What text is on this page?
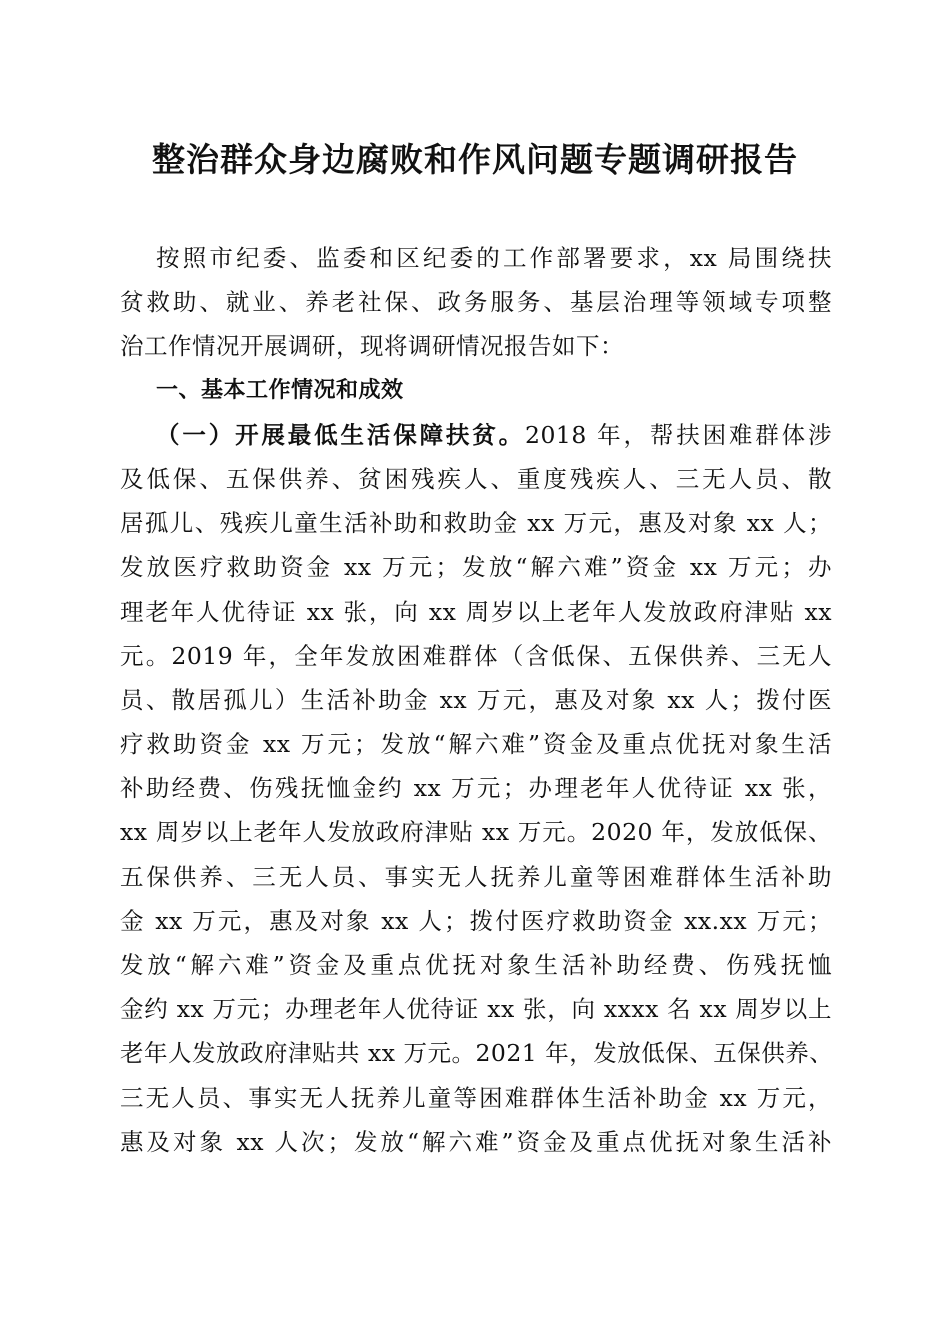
整治群众身边腐败和作风问题专题调研报告
按照市纪委、监委和区纪委的工作部署要求，xx 局围绕扶
贫救助、就业、养老社保、政务服务、基层治理等领域专项整
治工作情况开展调研，现将调研情况报告如下：
一、基本工作情况和成效
（一）开展最低生活保障扶贫。2018 年，帮扶困难群体涉
及低保、五保供养、贫困残疾人、重度残疾人、三无人员、散
居孤儿、残疾儿童生活补助和救助金 xx 万元，惠及对象 xx 人；
发放医疗救助资金 xx 万元；发放“解六难”资金 xx 万元；办
理老年人优待证 xx 张，向 xx 周岁以上老年人发放政府津贴 xx
元。2019 年，全年发放困难群体（含低保、五保供养、三无人
员、散居孤儿）生活补助金 xx 万元，惠及对象 xx 人；拨付医
疗救助资金 xx 万元；发放“解六难”资金及重点优抚对象生活
补助经费、伤残抚恤金约 xx 万元；办理老年人优待证 xx 张，
xx 周岁以上老年人发放政府津贴 xx 万元。2020 年，发放低保、
五保供养、三无人员、事实无人抚养儿童等困难群体生活补助
金 xx 万元，惠及对象 xx 人；拨付医疗救助资金 xx.xx 万元；
发放“解六难”资金及重点优抚对象生活补助经费、伤残抚恤
金约 xx 万元；办理老年人优待证 xx 张，向 xxxx 名 xx 周岁以上
老年人发放政府津贴共 xx 万元。2021 年，发放低保、五保供养、
三无人员、事实无人抚养儿童等困难群体生活补助金 xx 万元，
惠及对象 xx 人次；发放“解六难”资金及重点优抚对象生活补
